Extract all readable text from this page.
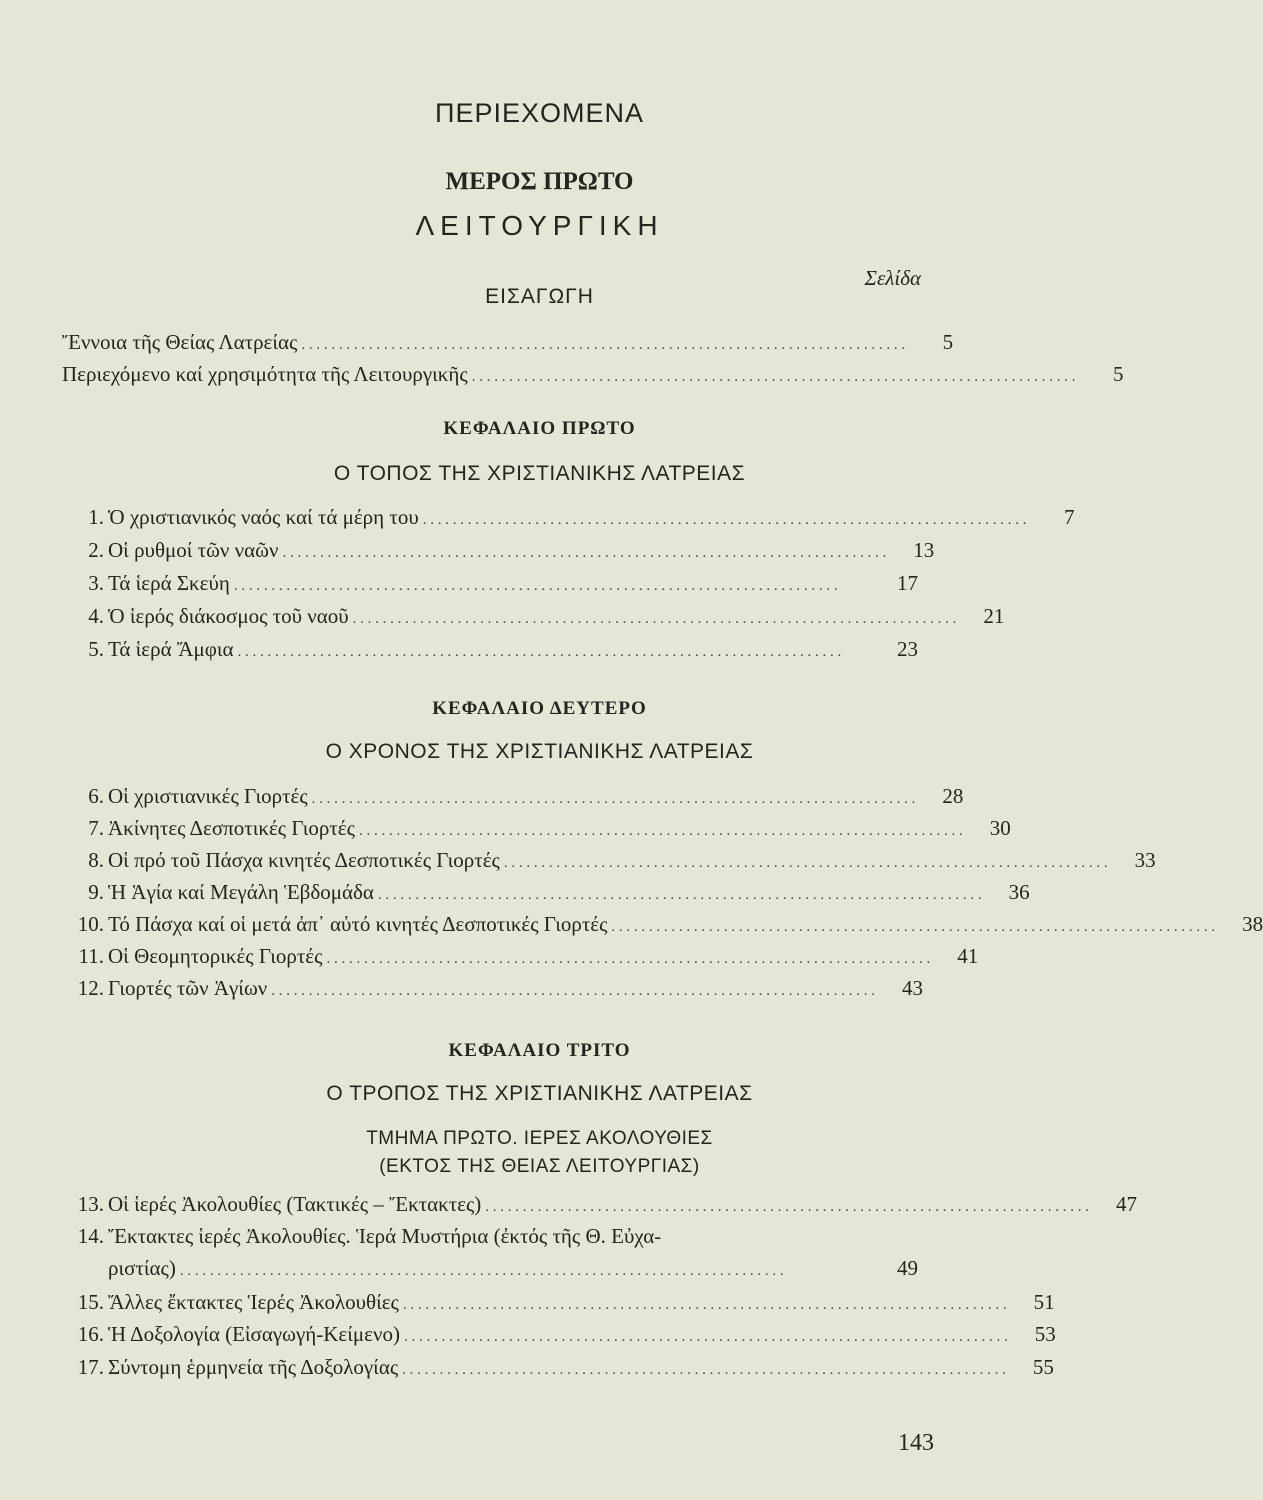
ΠΕΡΙΕΧΟΜΕΝΑ
ΜΕΡΟΣ ΠΡΩΤΟ
ΛΕΙΤΟΥΡΓΙΚΗ
Σελίδα
ΕΙΣΑΓΩΓΗ
Ἔννοια τῆς Θείας Λατρείας . . . . . . . . . . . . . . . . . . . . . . . . . . . . . . . . . . . . . . . . . . . . . . . . . . . . . . . . . . . . . . . . . . . . . . . . . . . . . . . . .	5
Περιεχόμενο καί χρησιμότητα τῆς Λειτουργικῆς . . . . . . . . . . . . . . . . . . . . . . . . . . . . . . . . . . . . . . . . . . . . . . . . . . . . . . . . . . . . . . . . . . . . . . . . . . . . . . . . .	5
ΚΕΦΑΛΑΙΟ ΠΡΩΤΟ
Ο ΤΟΠΟΣ ΤΗΣ ΧΡΙΣΤΙΑΝΙΚΗΣ ΛΑΤΡΕΙΑΣ
1. Ὁ χριστιανικός ναός καί τά μέρη του . . . . . . . . . . . . . . . . . . . . . . . . . . . . . . . . . . . . . . . . . . . . . . . . . . . . . . . . . . . . . . . . . . . . . . . . . . . . . . . . .	7
2. Οἱ ρυθμοί τῶν ναῶν . . . . . . . . . . . . . . . . . . . . . . . . . . . . . . . . . . . . . . . . . . . . . . . . . . . . . . . . . . . . . . . . . . . . . . . . . . . . . . . . .	13
3. Τά ἱερά Σκεύη . . . . . . . . . . . . . . . . . . . . . . . . . . . . . . . . . . . . . . . . . . . . . . . . . . . . . . . . . . . . . . . . . . . . . . . . . . . . . . . . .	17
4. Ὁ ἱερός διάκοσμος τοῦ ναοῦ . . . . . . . . . . . . . . . . . . . . . . . . . . . . . . . . . . . . . . . . . . . . . . . . . . . . . . . . . . . . . . . . . . . . . . . . . . . . . . . . .	21
5. Τά ἱερά Ἄμφια . . . . . . . . . . . . . . . . . . . . . . . . . . . . . . . . . . . . . . . . . . . . . . . . . . . . . . . . . . . . . . . . . . . . . . . . . . . . . . . . .	23
ΚΕΦΑΛΑΙΟ ΔΕΥΤΕΡΟ
Ο ΧΡΟΝΟΣ ΤΗΣ ΧΡΙΣΤΙΑΝΙΚΗΣ ΛΑΤΡΕΙΑΣ
6. Οἱ χριστιανικές Γιορτές . . . . . . . . . . . . . . . . . . . . . . . . . . . . . . . . . . . . . . . . . . . . . . . . . . . . . . . . . . . . . . . . . . . . . . . . . . . . . . . . .	28
7. Ἀκίνητες Δεσποτικές Γιορτές . . . . . . . . . . . . . . . . . . . . . . . . . . . . . . . . . . . . . . . . . . . . . . . . . . . . . . . . . . . . . . . . . . . . . . . . . . . . . . . . .	30
8. Οἱ πρό τοῦ Πάσχα κινητές Δεσποτικές Γιορτές . . . . . . . . . . . . . . . . . . . . . . . . . . . . . . . . . . . . . . . . . . . . . . . . . . . . . . . . . . . . . . . . . . . . . . . . . . . . . . . . .	33
9. Ἡ Ἁγία καί Μεγάλη Ἑβδομάδα . . . . . . . . . . . . . . . . . . . . . . . . . . . . . . . . . . . . . . . . . . . . . . . . . . . . . . . . . . . . . . . . . . . . . . . . . . . . . . . . .	36
10. Τό Πάσχα καί οἱ μετά ἀπ᾽ αὐτό κινητές Δεσποτικές Γιορτές . . . . . . . . . . . . . . . . . . . . . . . . . . . . . . . . . . . . . . . . . . . . . . . . . . . . . . . . . . . . . . . . . . . . . . . . . . . . . . . . .	38
11. Οἱ Θεομητορικές Γιορτές . . . . . . . . . . . . . . . . . . . . . . . . . . . . . . . . . . . . . . . . . . . . . . . . . . . . . . . . . . . . . . . . . . . . . . . . . . . . . . . . .	41
12. Γιορτές τῶν Ἁγίων . . . . . . . . . . . . . . . . . . . . . . . . . . . . . . . . . . . . . . . . . . . . . . . . . . . . . . . . . . . . . . . . . . . . . . . . . . . . . . . . .	43
ΚΕΦΑΛΑΙΟ ΤΡΙΤΟ
Ο ΤΡΟΠΟΣ ΤΗΣ ΧΡΙΣΤΙΑΝΙΚΗΣ ΛΑΤΡΕΙΑΣ
ΤΜΗΜΑ ΠΡΩΤΟ. ΙΕΡΕΣ ΑΚΟΛΟΥΘΙΕΣ
(ΕΚΤΟΣ ΤΗΣ ΘΕΙΑΣ ΛΕΙΤΟΥΡΓΙΑΣ)
13. Οἱ ἱερές Ἀκολουθίες (Τακτικές – Ἔκτακτες) . . . . . . . . . . . . . . . . . . . . . . . . . . . . . . . . . . . . . . . . . . . . . . . . . . . . . . . . . . . . . . . . . . . . . . . . . . . . . . . . .	47
14. Ἔκτακτες ἱερές Ἀκολουθίες. Ἱερά Μυστήρια (ἐκτός τῆς Θ. Εὐχα-
ριστίας) . . . . . . . . . . . . . . . . . . . . . . . . . . . . . . . . . . . . . . . . . . . . . . . . . . . . . . . . . . . . . . . . . . . . . . . . . . . . . . . . .	49
15. Ἄλλες ἔκτακτες Ἱερές Ἀκολουθίες . . . . . . . . . . . . . . . . . . . . . . . . . . . . . . . . . . . . . . . . . . . . . . . . . . . . . . . . . . . . . . . . . . . . . . . . . . . . . . . . .	51
16. Ἡ Δοξολογία (Εἰσαγωγή-Κείμενο) . . . . . . . . . . . . . . . . . . . . . . . . . . . . . . . . . . . . . . . . . . . . . . . . . . . . . . . . . . . . . . . . . . . . . . . . . . . . . . . . .	53
17. Σύντομη ἑρμηνεία τῆς Δοξολογίας . . . . . . . . . . . . . . . . . . . . . . . . . . . . . . . . . . . . . . . . . . . . . . . . . . . . . . . . . . . . . . . . . . . . . . . . . . . . . . . . .	55
143
